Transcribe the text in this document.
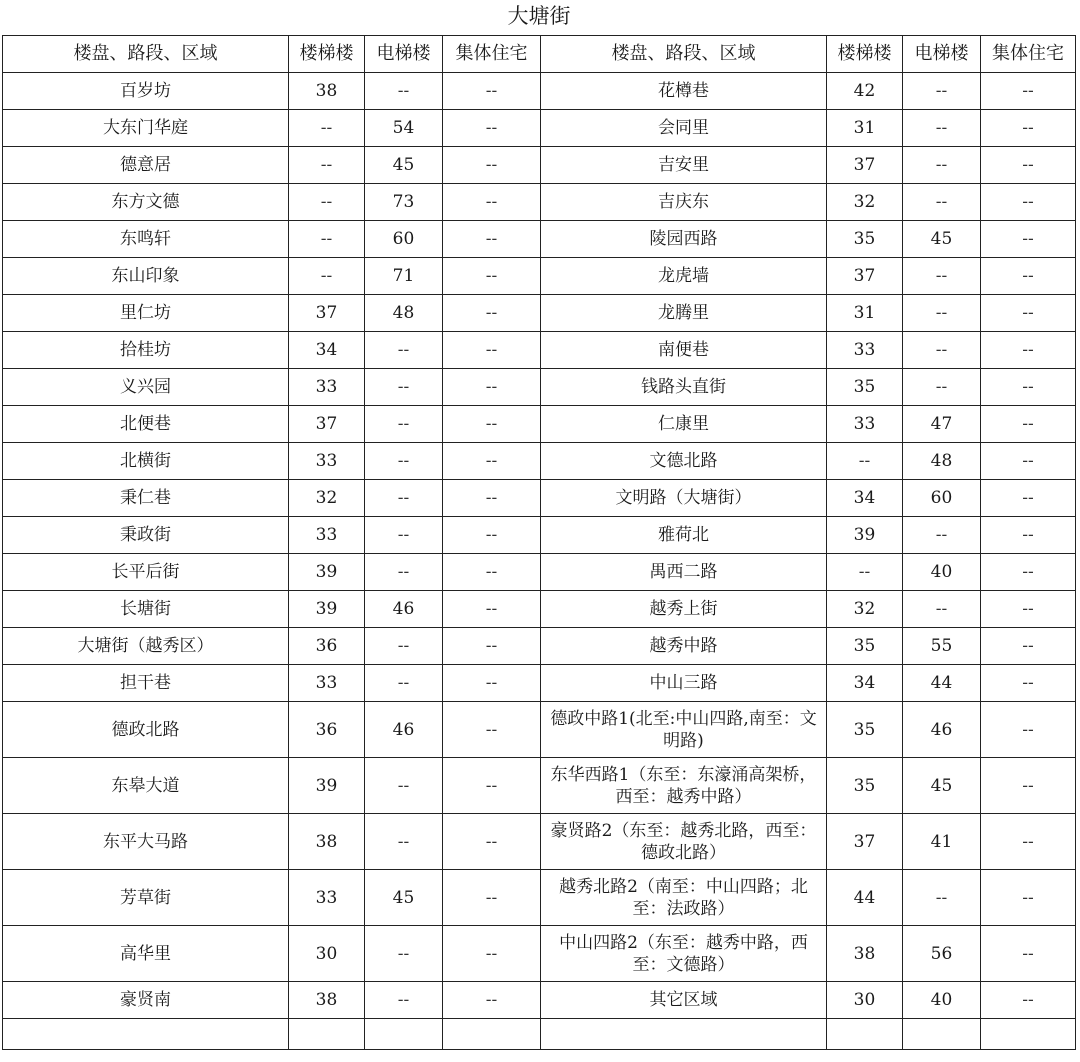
大塘街							
楼盘、路段、区域	楼梯楼	电梯楼	集体住宅	楼盘、路段、区域	楼梯楼	电梯楼	集体住宅
百岁坊	38	--	--	花樽巷	42	--	--
大东门华庭	--	54	--	会同里	31	--	--
德意居	--	45	--	吉安里	37	--	--
东方文德	--	73	--	吉庆东	32	--	--
东鸣轩	--	60	--	陵园西路	35	45	--
东山印象	--	71	--	龙虎墙	37	--	--
里仁坊	37	48	--	龙腾里	31	--	--
拾桂坊	34	--	--	南便巷	33	--	--
义兴园	33	--	--	钱路头直街	35	--	--
北便巷	37	--	--	仁康里	33	47	--
北横街	33	--	--	文德北路	--	48	--
秉仁巷	32	--	--	文明路（大塘街）	34	60	--
秉政街	33	--	--	雅荷北	39	--	--
长平后街	39	--	--	禺西二路	--	40	--
长塘街	39	46	--	越秀上街	32	--	--
大塘街（越秀区）	36	--	--	越秀中路	35	55	--
担干巷	33	--	--	中山三路	34	44	--
德政北路	36	46	--	德政中路1(北至:中山四路,南至：文明路)	35	46	--
东皋大道	39	--	--	东华西路1（东至：东濠涌高架桥，西至：越秀中路）	35	45	--
东平大马路	38	--	--	豪贤路2（东至：越秀北路，西至：德政北路）	37	41	--
芳草街	33	45	--	越秀北路2（南至：中山四路；北至：法政路）	44	--	--
高华里	30	--	--	中山四路2（东至：越秀中路，西至：文德路）	38	56	--
豪贤南	38	--	--	其它区域	30	40	--
